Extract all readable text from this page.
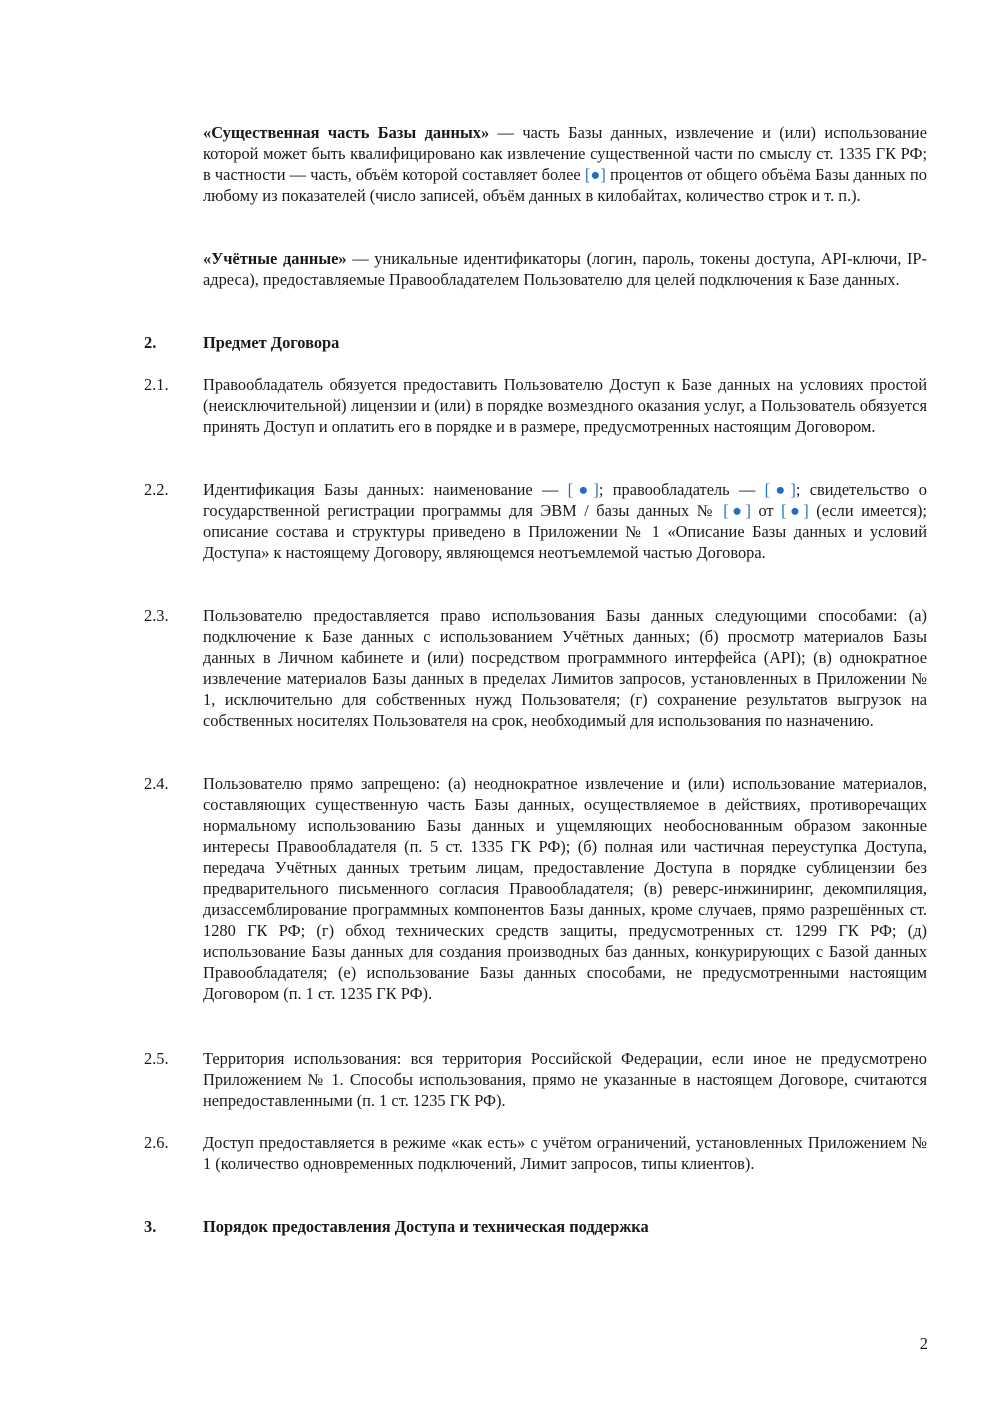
«Существенная часть Базы данных» — часть Базы данных, извлечение и (или) использование которой может быть квалифицировано как извлечение существенной части по смыслу ст. 1335 ГК РФ; в частности — часть, объём которой составляет более [●] процентов от общего объёма Базы данных по любому из показателей (число записей, объём данных в килобайтах, количество строк и т. п.).
«Учётные данные» — уникальные идентификаторы (логин, пароль, токены доступа, API-ключи, IP-адреса), предоставляемые Правообладателем Пользователю для целей подключения к Базе данных.
2.	Предмет Договора
2.1. Правообладатель обязуется предоставить Пользователю Доступ к Базе данных на условиях простой (неисключительной) лицензии и (или) в порядке возмездного оказания услуг, а Пользователь обязуется принять Доступ и оплатить его в порядке и в размере, предусмотренных настоящим Договором.
2.2. Идентификация Базы данных: наименование — [●]; правообладатель — [●]; свидетельство о государственной регистрации программы для ЭВМ / базы данных № [●] от [●] (если имеется); описание состава и структуры приведено в Приложении № 1 «Описание Базы данных и условий Доступа» к настоящему Договору, являющемся неотъемлемой частью Договора.
2.3. Пользователю предоставляется право использования Базы данных следующими способами: (а) подключение к Базе данных с использованием Учётных данных; (б) просмотр материалов Базы данных в Личном кабинете и (или) посредством программного интерфейса (API); (в) однократное извлечение материалов Базы данных в пределах Лимитов запросов, установленных в Приложении № 1, исключительно для собственных нужд Пользователя; (г) сохранение результатов выгрузок на собственных носителях Пользователя на срок, необходимый для использования по назначению.
2.4. Пользователю прямо запрещено: (а) неоднократное извлечение и (или) использование материалов, составляющих существенную часть Базы данных, осуществляемое в действиях, противоречащих нормальному использованию Базы данных и ущемляющих необоснованным образом законные интересы Правообладателя (п. 5 ст. 1335 ГК РФ); (б) полная или частичная переуступка Доступа, передача Учётных данных третьим лицам, предоставление Доступа в порядке сублицензии без предварительного письменного согласия Правообладателя; (в) реверс-инжиниринг, декомпиляция, дизассемблирование программных компонентов Базы данных, кроме случаев, прямо разрешённых ст. 1280 ГК РФ; (г) обход технических средств защиты, предусмотренных ст. 1299 ГК РФ; (д) использование Базы данных для создания производных баз данных, конкурирующих с Базой данных Правообладателя; (е) использование Базы данных способами, не предусмотренными настоящим Договором (п. 1 ст. 1235 ГК РФ).
2.5. Территория использования: вся территория Российской Федерации, если иное не предусмотрено Приложением № 1. Способы использования, прямо не указанные в настоящем Договоре, считаются непредоставленными (п. 1 ст. 1235 ГК РФ).
2.6. Доступ предоставляется в режиме «как есть» с учётом ограничений, установленных Приложением № 1 (количество одновременных подключений, Лимит запросов, типы клиентов).
3.	Порядок предоставления Доступа и техническая поддержка
2
